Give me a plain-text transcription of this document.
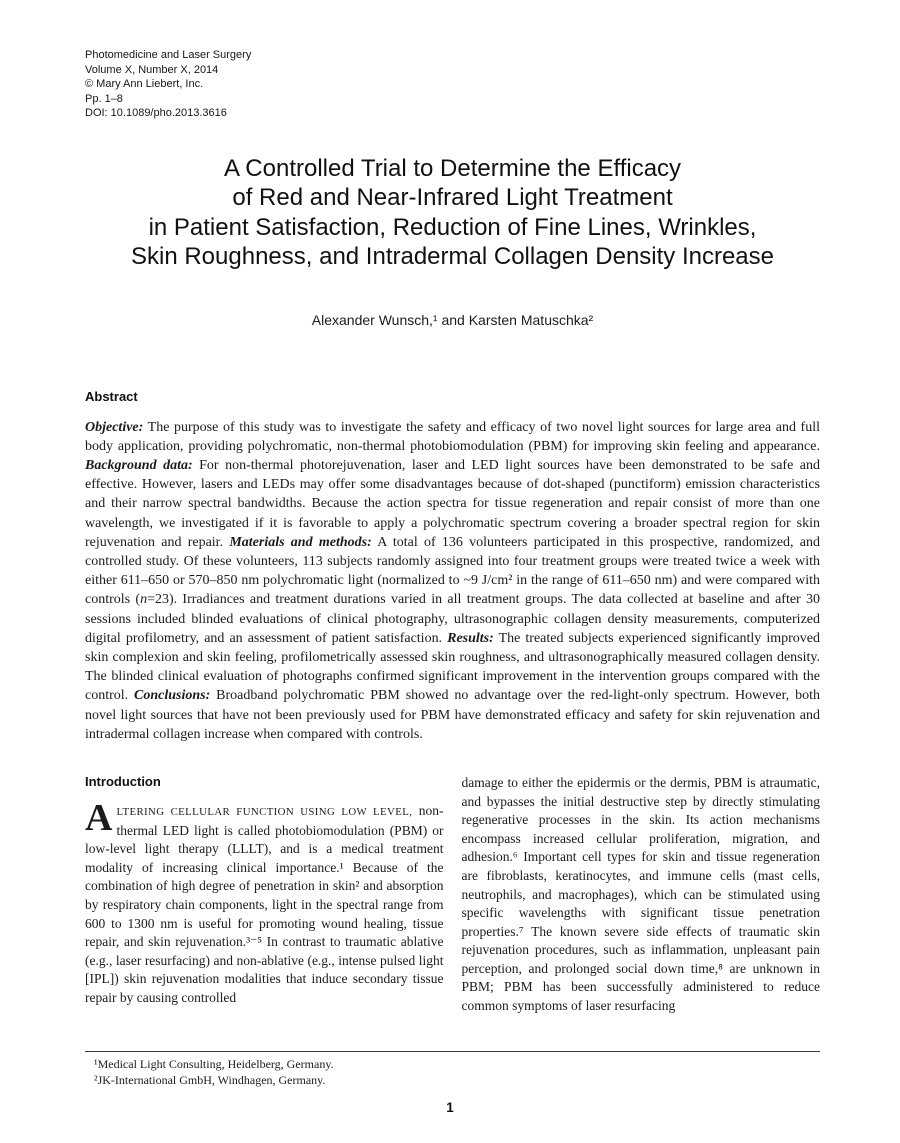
Photomedicine and Laser Surgery
Volume X, Number X, 2014
© Mary Ann Liebert, Inc.
Pp. 1–8
DOI: 10.1089/pho.2013.3616
A Controlled Trial to Determine the Efficacy
of Red and Near-Infrared Light Treatment
in Patient Satisfaction, Reduction of Fine Lines, Wrinkles,
Skin Roughness, and Intradermal Collagen Density Increase
Alexander Wunsch,¹ and Karsten Matuschka²
Abstract

Objective: The purpose of this study was to investigate the safety and efficacy of two novel light sources for large area and full body application, providing polychromatic, non-thermal photobiomodulation (PBM) for improving skin feeling and appearance. Background data: For non-thermal photorejuvenation, laser and LED light sources have been demonstrated to be safe and effective. However, lasers and LEDs may offer some disadvantages because of dot-shaped (punctiform) emission characteristics and their narrow spectral bandwidths. Because the action spectra for tissue regeneration and repair consist of more than one wavelength, we investigated if it is favorable to apply a polychromatic spectrum covering a broader spectral region for skin rejuvenation and repair. Materials and methods: A total of 136 volunteers participated in this prospective, randomized, and controlled study. Of these volunteers, 113 subjects randomly assigned into four treatment groups were treated twice a week with either 611–650 or 570–850 nm polychromatic light (normalized to ~9 J/cm² in the range of 611–650 nm) and were compared with controls (n=23). Irradiances and treatment durations varied in all treatment groups. The data collected at baseline and after 30 sessions included blinded evaluations of clinical photography, ultrasonographic collagen density measurements, computerized digital profilometry, and an assessment of patient satisfaction. Results: The treated subjects experienced significantly improved skin complexion and skin feeling, profilometrically assessed skin roughness, and ultrasonographically measured collagen density. The blinded clinical evaluation of photographs confirmed significant improvement in the intervention groups compared with the control. Conclusions: Broadband polychromatic PBM showed no advantage over the red-light-only spectrum. However, both novel light sources that have not been previously used for PBM have demonstrated efficacy and safety for skin rejuvenation and intradermal collagen increase when compared with controls.

Introduction

ALTERING CELLULAR FUNCTION USING LOW LEVEL, non-thermal LED light is called photobiomodulation (PBM) or low-level light therapy (LLLT), and is a medical treatment modality of increasing clinical importance.¹ Because of the combination of high degree of penetration in skin² and absorption by respiratory chain components, light in the spectral range from 600 to 1300 nm is useful for promoting wound healing, tissue repair, and skin rejuvenation.³⁻⁵ In contrast to traumatic ablative (e.g., laser resurfacing) and non-ablative (e.g., intense pulsed light [IPL]) skin rejuvenation modalities that induce secondary tissue repair by causing controlled

damage to either the epidermis or the dermis, PBM is atraumatic, and bypasses the initial destructive step by directly stimulating regenerative processes in the skin. Its action mechanisms encompass increased cellular proliferation, migration, and adhesion.⁶ Important cell types for skin and tissue regeneration are fibroblasts, keratinocytes, and immune cells (mast cells, neutrophils, and macrophages), which can be stimulated using specific wavelengths with significant tissue penetration properties.⁷ The known severe side effects of traumatic skin rejuvenation procedures, such as inflammation, unpleasant pain perception, and prolonged social down time,⁸ are unknown in PBM; PBM has been successfully administered to reduce common symptoms of laser resurfacing

¹Medical Light Consulting, Heidelberg, Germany.
²JK-International GmbH, Windhagen, Germany.
1
